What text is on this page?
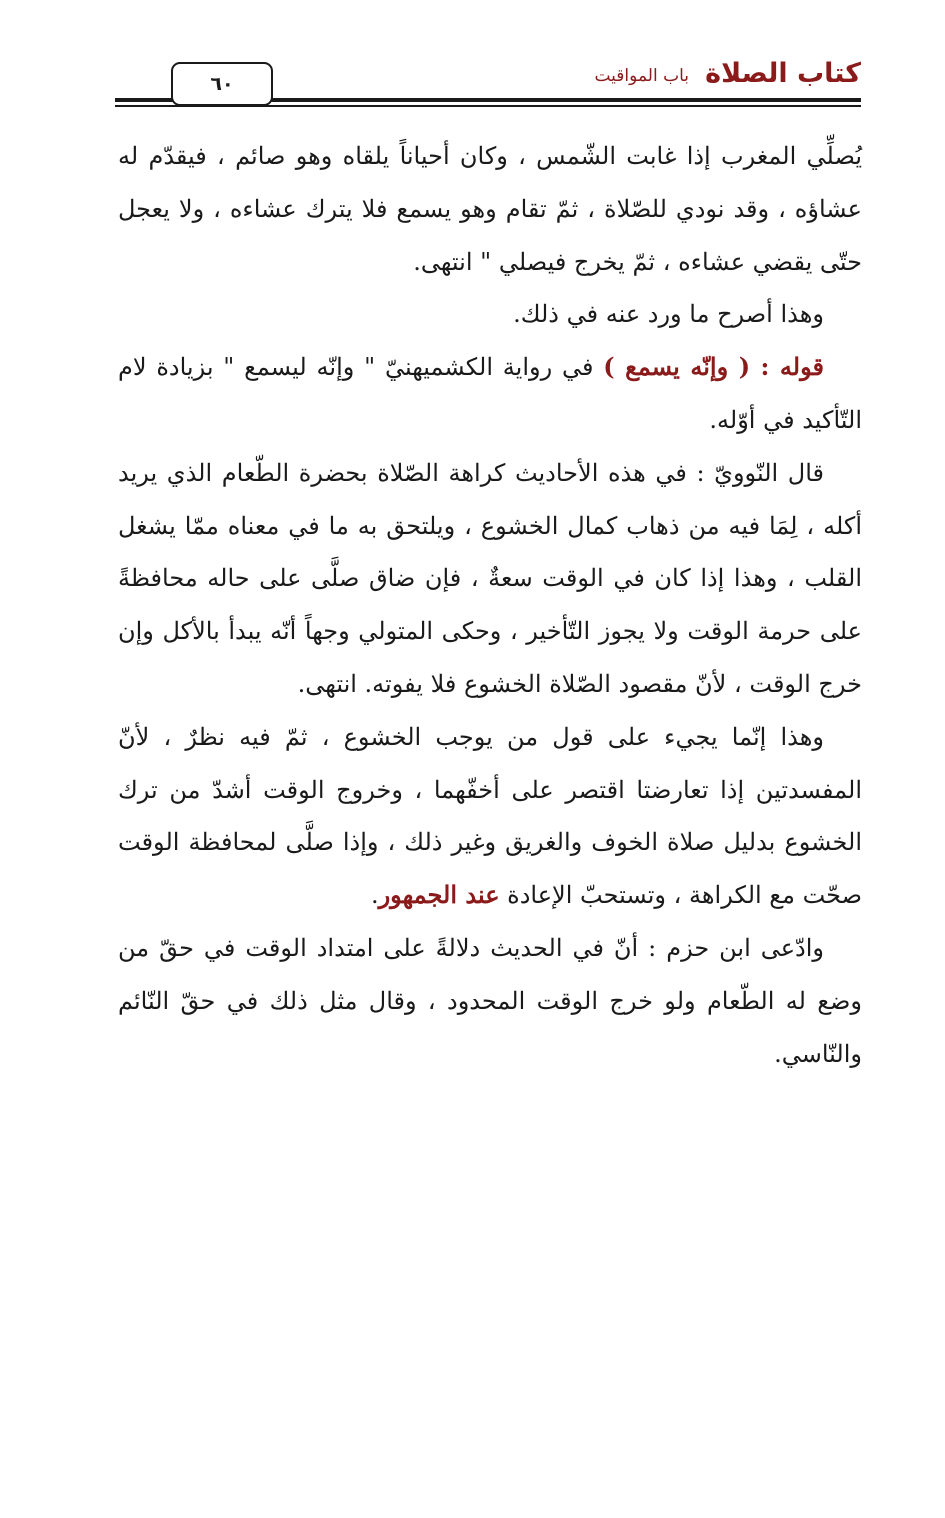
٦٠	باب المواقيت كتاب الصلاة

يُصلِّي المغرب إذا غابت الشّمس ، وكان أحياناً يلقاه وهو صائم ، فيقدّم له عشاؤه ، وقد نودي للصّلاة ، ثمّ تقام وهو يسمع فلا يترك عشاءه ، ولا يعجل حتّى يقضي عشاءه ، ثمّ يخرج فيصلي " انتهى.

وهذا أصرح ما ورد عنه في ذلك.

قوله : ( وإنّه يسمع ) في رواية الكشميهنيّ " وإنّه ليسمع " بزيادة لام التّأكيد في أوّله.

قال النّوويّ : في هذه الأحاديث كراهة الصّلاة بحضرة الطّعام الذي يريد أكله ، لِمَا فيه من ذهاب كمال الخشوع ، ويلتحق به ما في معناه ممّا يشغل القلب ، وهذا إذا كان في الوقت سعةٌ ، فإن ضاق صلَّى على حاله محافظةً على حرمة الوقت ولا يجوز التّأخير ، وحكى المتولي وجهاً أنّه يبدأ بالأكل وإن خرج الوقت ، لأنّ مقصود الصّلاة الخشوع فلا يفوته. انتهى.

وهذا إنّما يجيء على قول من يوجب الخشوع ، ثمّ فيه نظرٌ ، لأنّ المفسدتين إذا تعارضتا اقتصر على أخفّهما ، وخروج الوقت أشدّ من ترك الخشوع بدليل صلاة الخوف والغريق وغير ذلك ، وإذا صلَّى لمحافظة الوقت صحّت مع الكراهة ، وتستحبّ الإعادة عند الجمهور.

وادّعى ابن حزم : أنّ في الحديث دلالةً على امتداد الوقت في حقّ من وضع له الطّعام ولو خرج الوقت المحدود ، وقال مثل ذلك في حقّ النّائم والنّاسي.
